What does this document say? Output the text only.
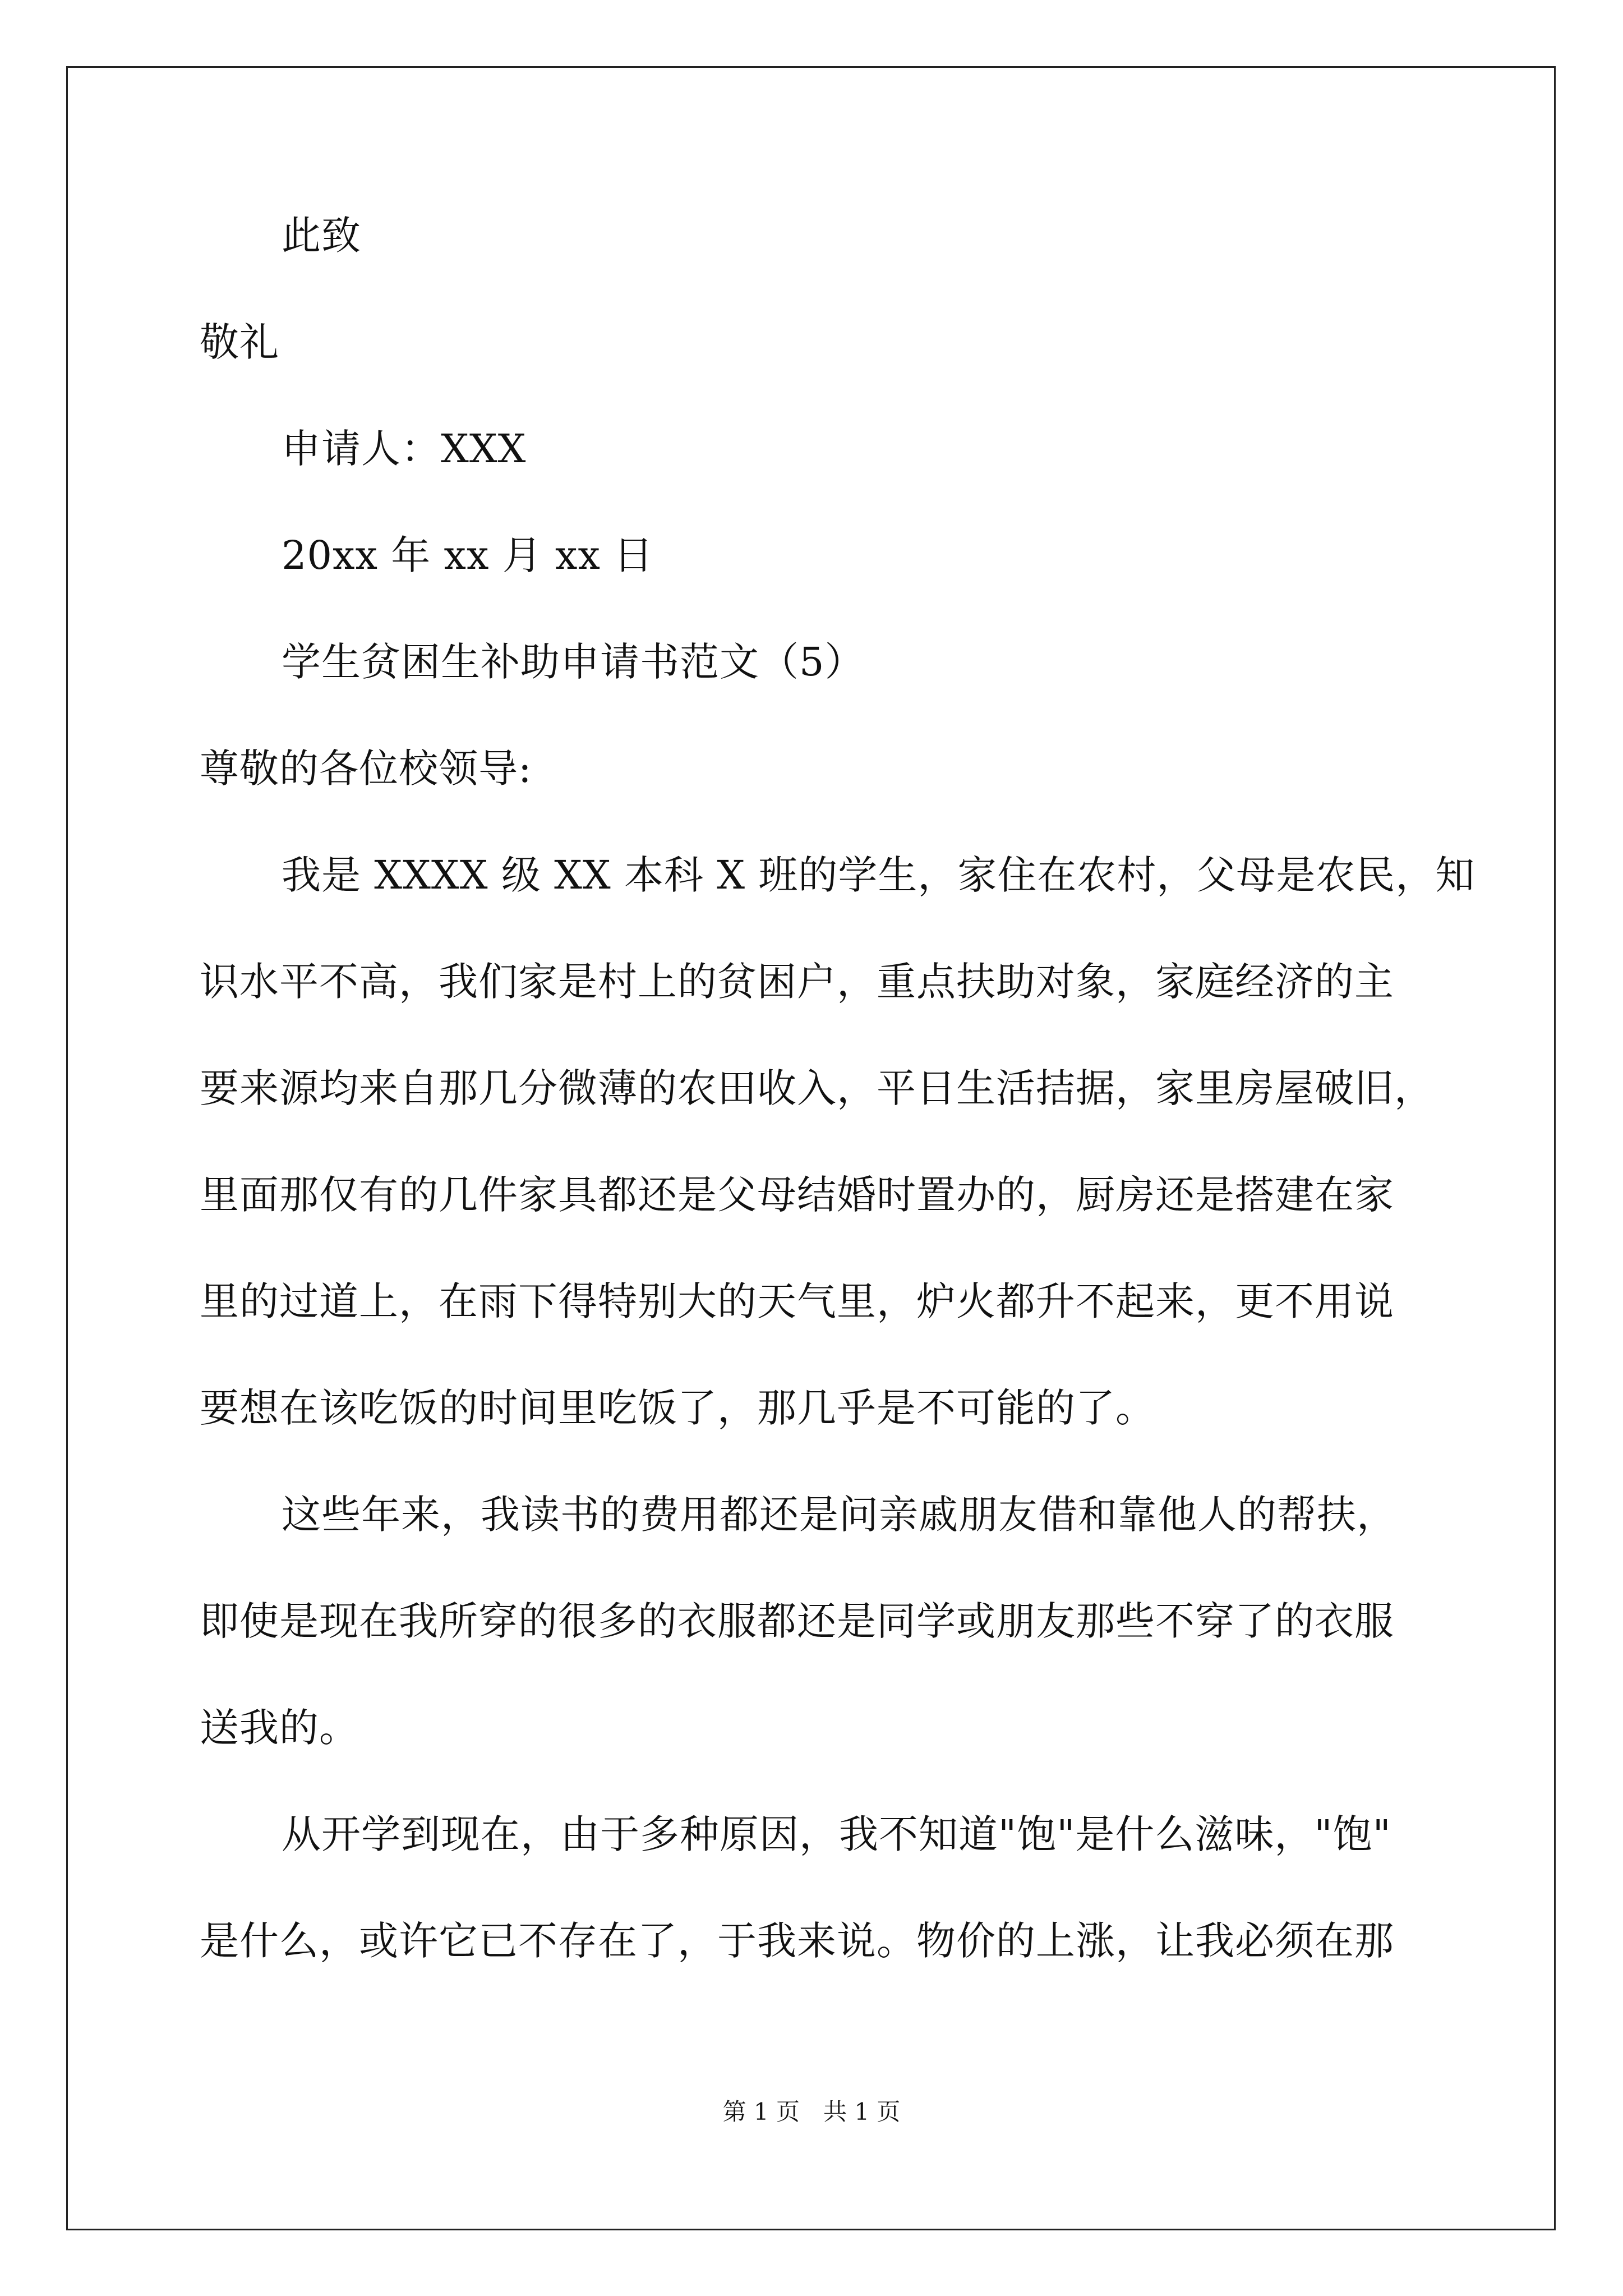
此致
敬礼
申请人：XXX
20xx 年 xx 月 xx 日
学生贫困生补助申请书范文（5）
尊敬的各位校领导:
我是 XXXX 级 XX 本科 X 班的学生，家住在农村，父母是农民，知
识水平不高，我们家是村上的贫困户，重点扶助对象，家庭经济的主
要来源均来自那几分微薄的农田收入，平日生活拮据，家里房屋破旧，
里面那仅有的几件家具都还是父母结婚时置办的，厨房还是搭建在家
里的过道上，在雨下得特别大的天气里，炉火都升不起来，更不用说
要想在该吃饭的时间里吃饭了，那几乎是不可能的了。
这些年来，我读书的费用都还是问亲戚朋友借和靠他人的帮扶，
即使是现在我所穿的很多的衣服都还是同学或朋友那些不穿了的衣服
送我的。
从开学到现在，由于多种原因，我不知道"饱"是什么滋味，"饱"
是什么，或许它已不存在了，于我来说。物价的上涨，让我必须在那
第 1 页　共 1 页
